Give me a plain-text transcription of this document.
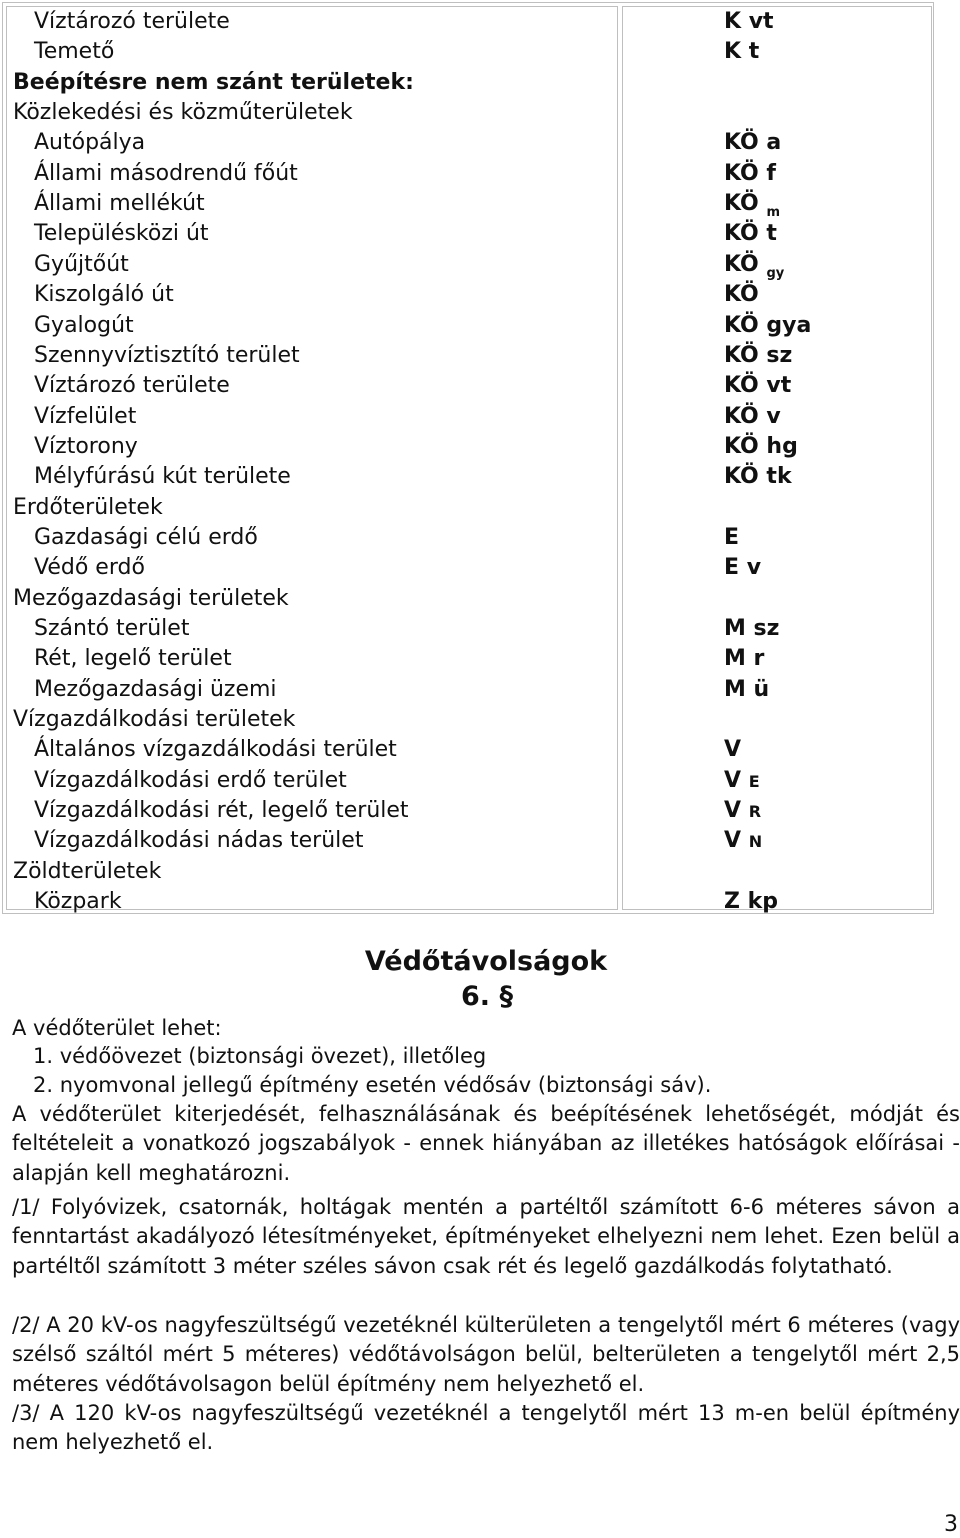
Víztározó területe
Temető
Beépítésre nem szánt területek:
Közlekedési és közműterületek
Autópálya
Állami másodrendű főút
Állami mellékút
Településközi út
Gyűjtőút
Kiszolgáló út
Gyalogút
Szennyvíztisztító terület
Víztározó területe
Vízfelület
Víztorony
Mélyfúrású kút területe
Erdőterületek
Gazdasági célú erdő
Védő erdő
Mezőgazdasági területek
Szántó terület
Rét, legelő terület
Mezőgazdasági üzemi
Vízgazdálkodási területek
Általános vízgazdálkodási terület
Vízgazdálkodási erdő terület
Vízgazdálkodási rét, legelő terület
Vízgazdálkodási nádas terület
Zöldterületek
Közpark
K vt
K t
KÖ a
KÖ f
KÖ $_m$
KÖ t
KÖ $_{gy}$
KÖ
KÖ gya
KÖ sz
KÖ vt
KÖ v
KÖ hg
KÖ tk
E
E v
M sz
M r
M ü
V
V E
V R
V N
Z kp
Védőtávolságok
6. §
A védőterület lehet:
1. védőövezet (biztonsági övezet), illetőleg
2. nyomvonal jellegű építmény esetén védősáv (biztonsági sáv).
A védőterület kiterjedését, felhasználásának és beépítésének lehetőségét, módját és feltételeit a vonatkozó jogszabályok - ennek hiányában az illetékes hatóságok előírásai - alapján kell meghatározni.
/1/ Folyóvizek, csatornák, holtágak mentén a partéltől számított 6-6 méteres sávon a fenntartást akadályozó létesítményeket, építményeket elhelyezni nem lehet. Ezen belül a partéltől számított 3 méter széles sávon csak rét és legelő gazdálkodás folytatható.
/2/ A 20 kV-os nagyfeszültségű vezetéknél külterületen a tengelytől mért 6 méteres (vagy szélső száltól mért 5 méteres) védőtávolságon belül, belterületen a tengelytől mért 2,5 méteres védőtávolsagon belül építmény nem helyezhető el.
/3/ A 120 kV-os nagyfeszültségű vezetéknél a tengelytől mért 13 m-en belül építmény nem helyezhető el.
3
